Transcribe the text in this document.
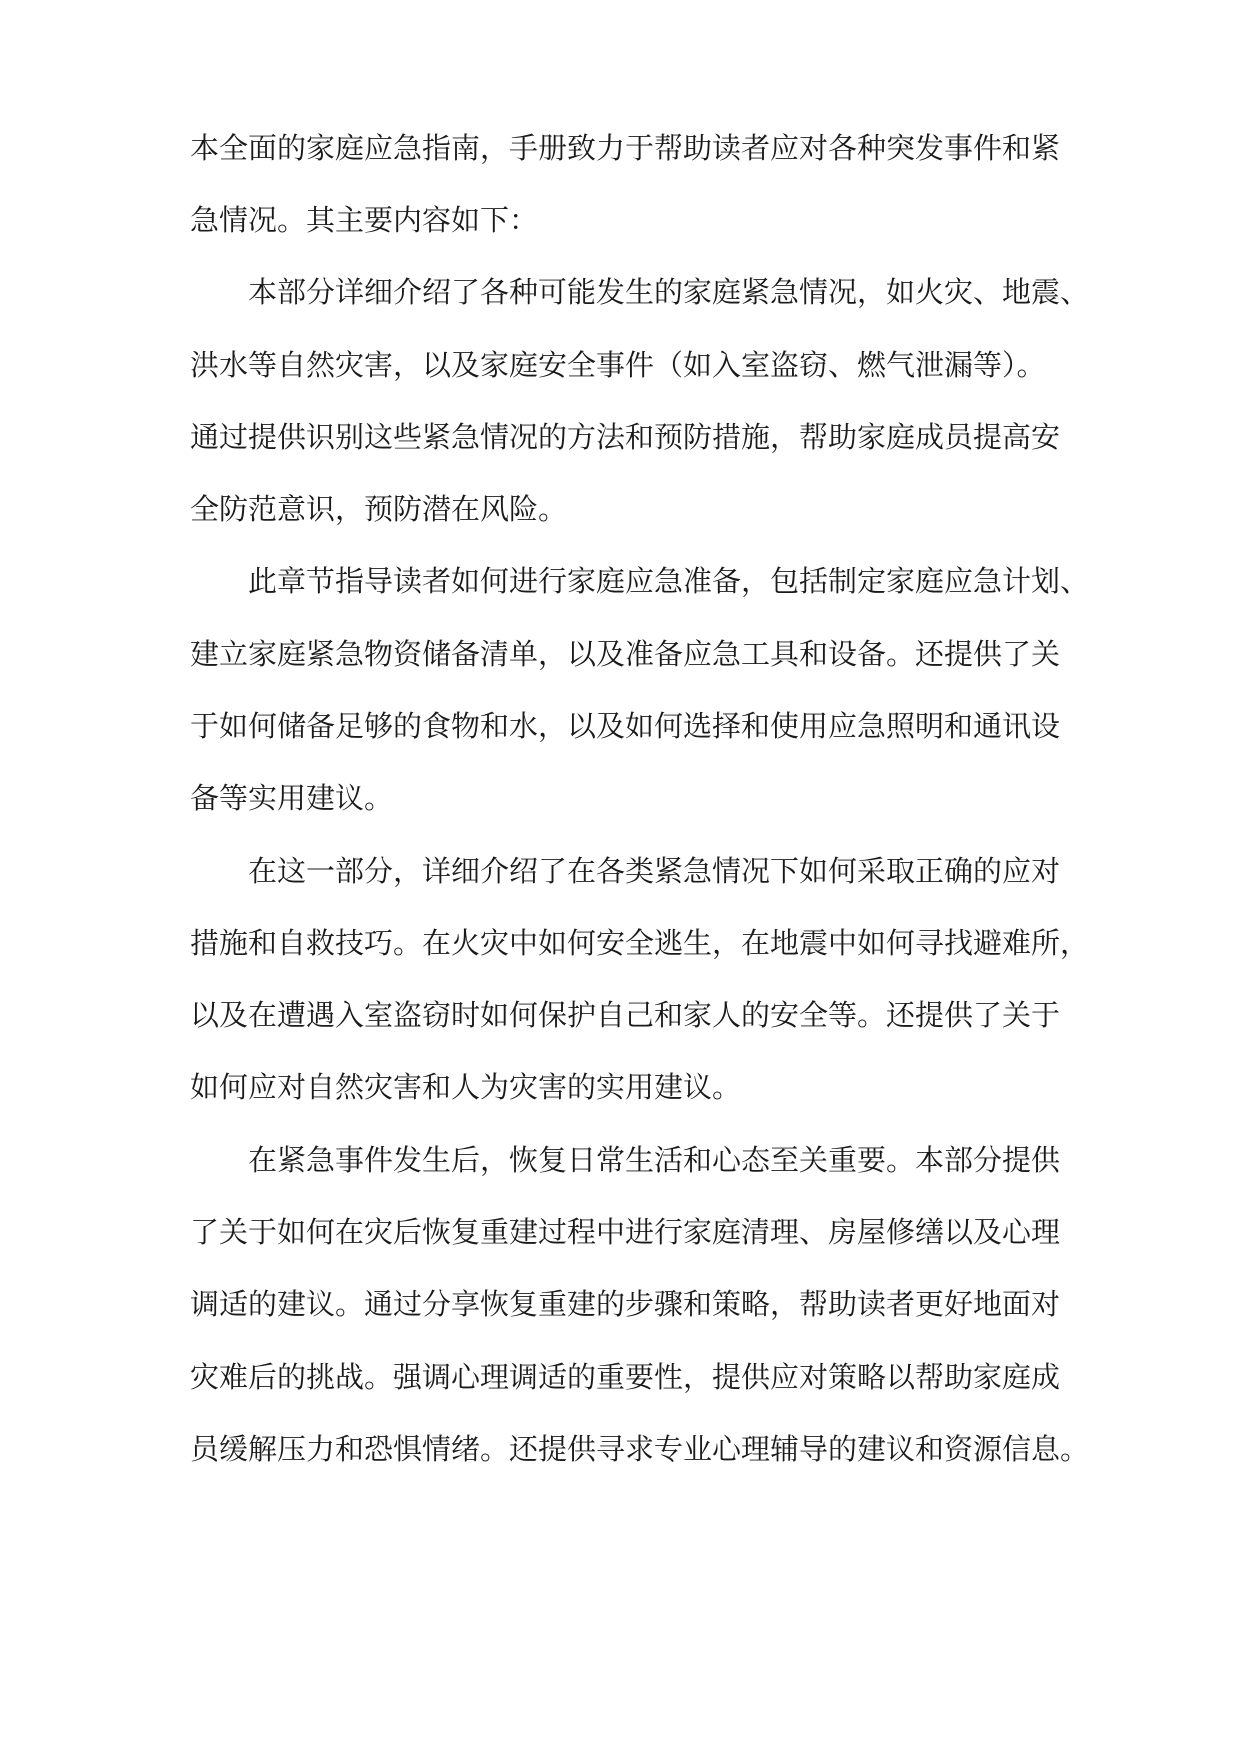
本全面的家庭应急指南，手册致力于帮助读者应对各种突发事件和紧
急情况。其主要内容如下：
本部分详细介绍了各种可能发生的家庭紧急情况，如火灾、地震、
洪水等自然灾害，以及家庭安全事件（如入室盗窃、燃气泄漏等）。
通过提供识别这些紧急情况的方法和预防措施，帮助家庭成员提高安
全防范意识，预防潜在风险。
此章节指导读者如何进行家庭应急准备，包括制定家庭应急计划、
建立家庭紧急物资储备清单，以及准备应急工具和设备。还提供了关
于如何储备足够的食物和水，以及如何选择和使用应急照明和通讯设
备等实用建议。
在这一部分，详细介绍了在各类紧急情况下如何采取正确的应对
措施和自救技巧。在火灾中如何安全逃生，在地震中如何寻找避难所，
以及在遭遇入室盗窃时如何保护自己和家人的安全等。还提供了关于
如何应对自然灾害和人为灾害的实用建议。
在紧急事件发生后，恢复日常生活和心态至关重要。本部分提供
了关于如何在灾后恢复重建过程中进行家庭清理、房屋修缮以及心理
调适的建议。通过分享恢复重建的步骤和策略，帮助读者更好地面对
灾难后的挑战。强调心理调适的重要性，提供应对策略以帮助家庭成
员缓解压力和恐惧情绪。还提供寻求专业心理辅导的建议和资源信息。
